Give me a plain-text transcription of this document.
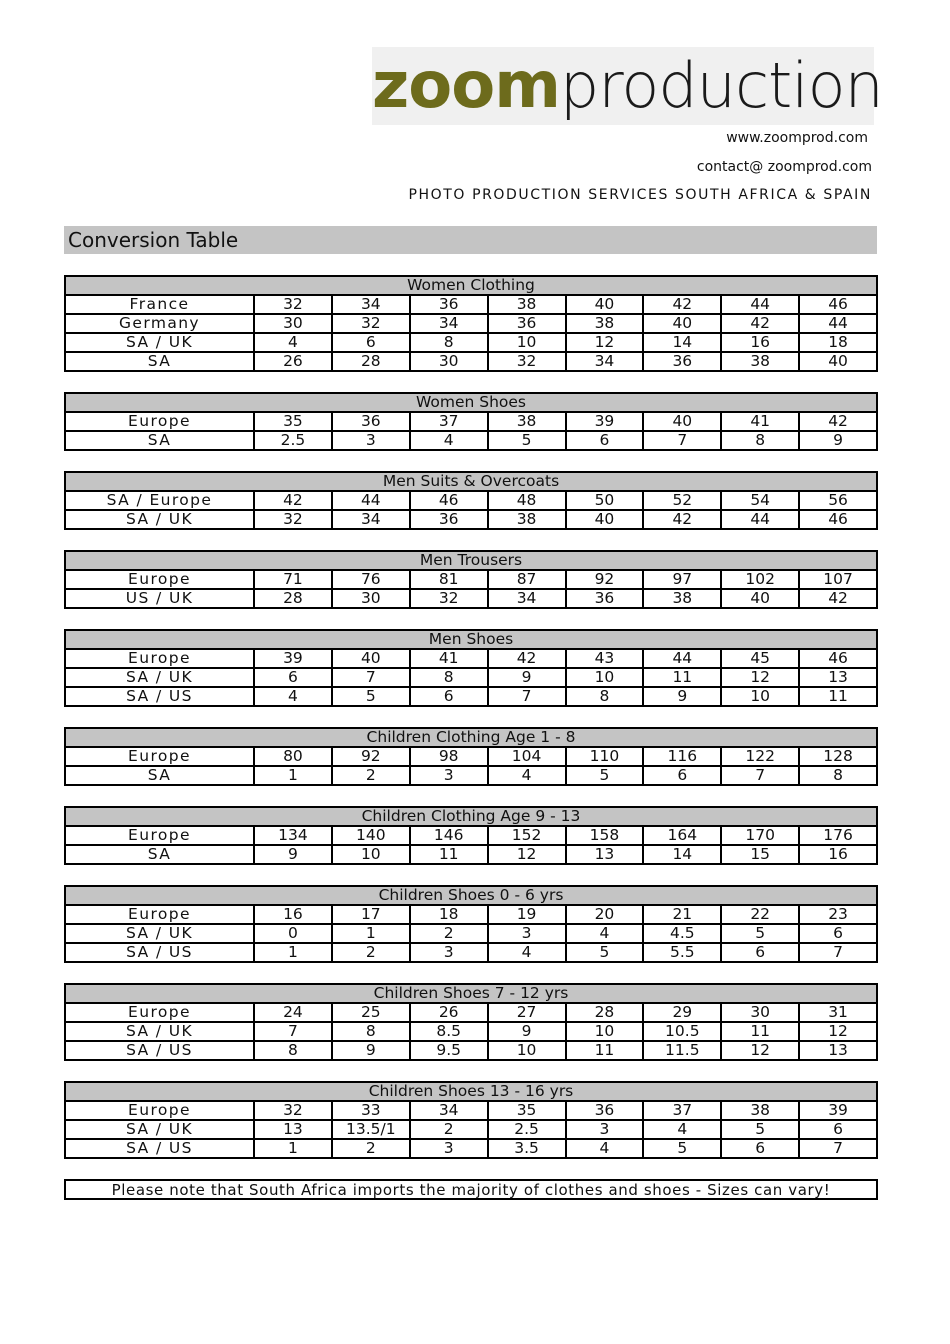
zoom production
www.zoomprod.com
contact@ zoomprod.com
PHOTO PRODUCTION SERVICES SOUTH AFRICA & SPAIN
Conversion Table
Women Clothing								
France	32	34	36	38	40	42	44	46
Germany	30	32	34	36	38	40	42	44
SA / UK	4	6	8	10	12	14	16	18
SA	26	28	30	32	34	36	38	40
Women Shoes								
Europe	35	36	37	38	39	40	41	42
SA	2.5	3	4	5	6	7	8	9
Men Suits & Overcoats								
SA / Europe	42	44	46	48	50	52	54	56
SA / UK	32	34	36	38	40	42	44	46
Men Trousers								
Europe	71	76	81	87	92	97	102	107
US / UK	28	30	32	34	36	38	40	42
Men Shoes								
Europe	39	40	41	42	43	44	45	46
SA / UK	6	7	8	9	10	11	12	13
SA / US	4	5	6	7	8	9	10	11
Children Clothing Age 1 - 8								
Europe	80	92	98	104	110	116	122	128
SA	1	2	3	4	5	6	7	8
Children Clothing Age 9 - 13								
Europe	134	140	146	152	158	164	170	176
SA	9	10	11	12	13	14	15	16
Children Shoes 0 - 6 yrs								
Europe	16	17	18	19	20	21	22	23
SA / UK	0	1	2	3	4	4.5	5	6
SA / US	1	2	3	4	5	5.5	6	7
Children Shoes 7 - 12 yrs								
Europe	24	25	26	27	28	29	30	31
SA / UK	7	8	8.5	9	10	10.5	11	12
SA / US	8	9	9.5	10	11	11.5	12	13
Children Shoes 13 - 16 yrs								
Europe	32	33	34	35	36	37	38	39
SA / UK	13	13.5/1	2	2.5	3	4	5	6
SA / US	1	2	3	3.5	4	5	6	7
Please note that South Africa imports the majority of clothes and shoes - Sizes can vary!
